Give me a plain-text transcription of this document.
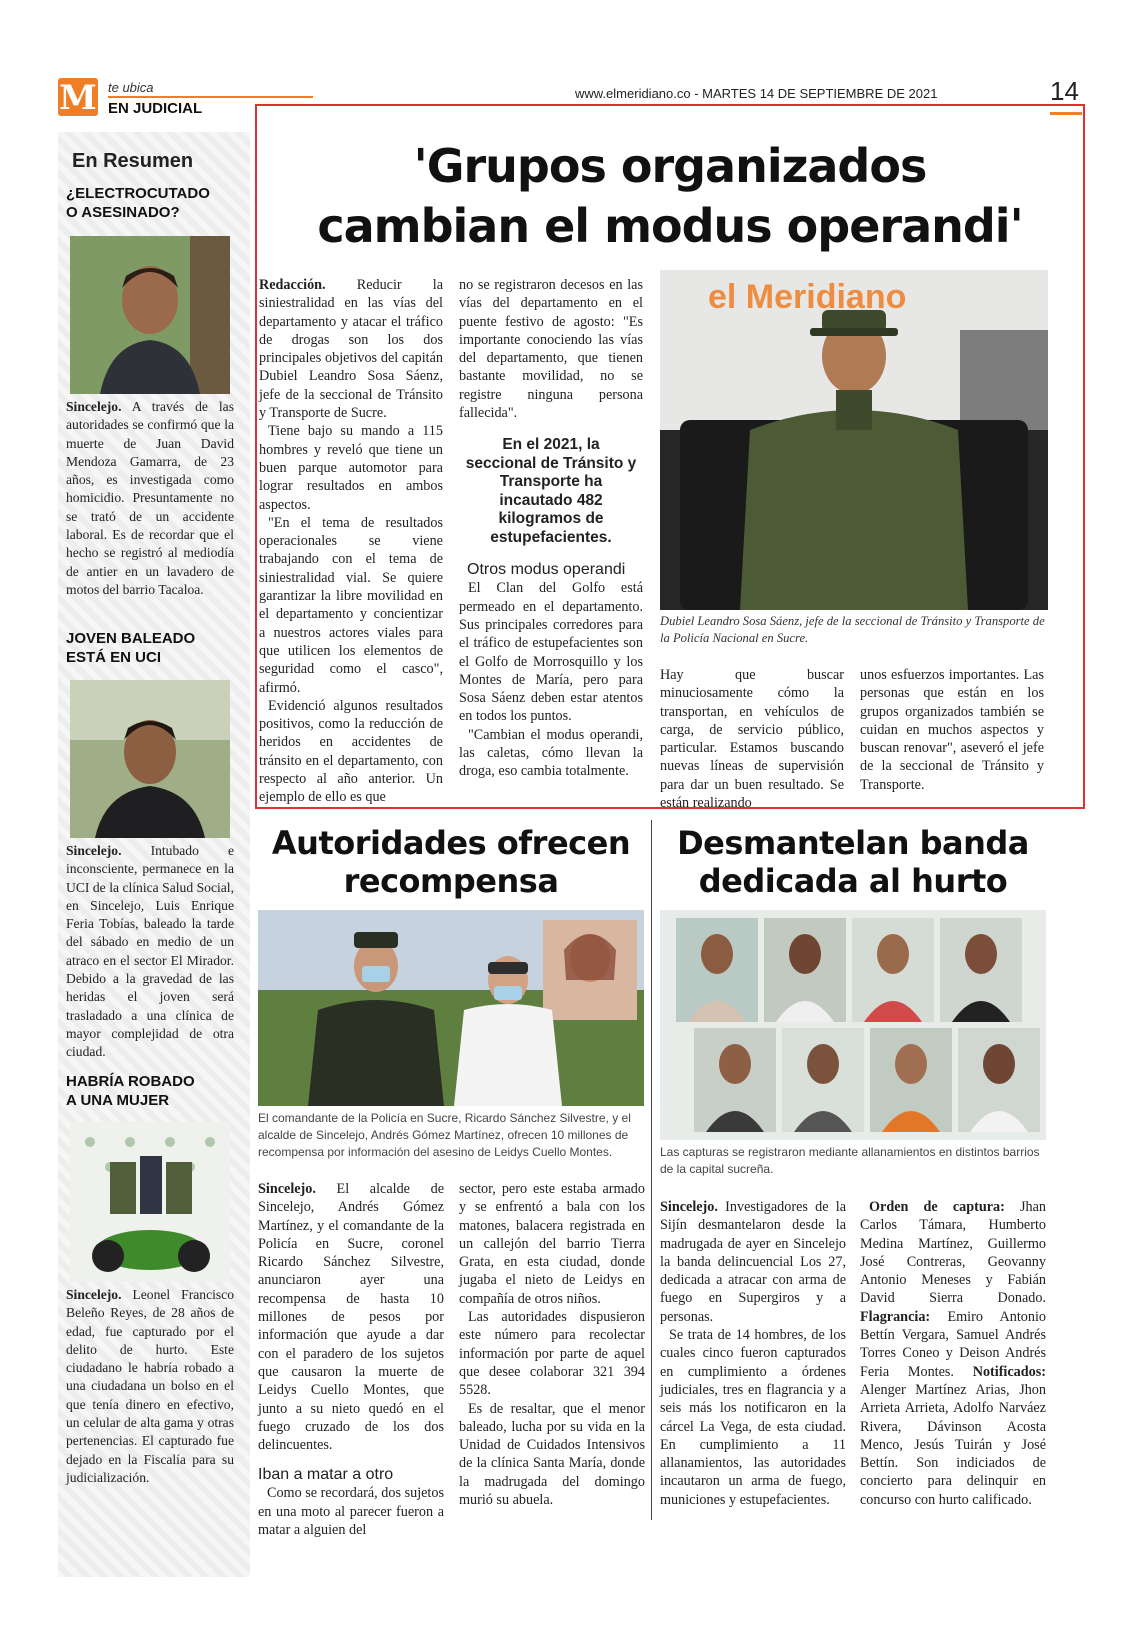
M te ubica
EN JUDICIAL
www.elmeridiano.co - MARTES 14 DE SEPTIEMBRE DE 2021	14
En Resumen
¿ELECTROCUTADO
O ASESINADO?
Sincelejo. A través de las autoridades se confirmó que la muerte de Juan David Mendoza Gamarra, de 23 años, es investigada como homicidio. Presuntamente no se trató de un accidente laboral. Es de recordar que el hecho se registró al mediodía de antier en un lavadero de motos del barrio Tacaloa.
JOVEN BALEADO
ESTÁ EN UCI
Sincelejo. Intubado e inconsciente, permanece en la UCI de la clínica Salud Social, en Sincelejo, Luis Enrique Feria Tobías, baleado la tarde del sábado en medio de un atraco en el sector El Mirador. Debido a la gravedad de las heridas el joven será trasladado a una clínica de mayor complejidad de otra ciudad.
HABRÍA ROBADO
A UNA MUJER
Sincelejo. Leonel Francisco Beleño Reyes, de 28 años de edad, fue capturado por el delito de hurto. Este ciudadano le habría robado a una ciudadana un bolso en el que tenía dinero en efectivo, un celular de alta gama y otras pertenencias. El capturado fue dejado en la Fiscalía para su judicialización.
'Grupos organizados
cambian el modus operandi'

Redacción. Reducir la siniestralidad en las vías del departamento y atacar el tráfico de drogas son los dos principales objetivos del capitán Dubiel Leandro Sosa Sáenz, jefe de la seccional de Tránsito y Transporte de Sucre.

Tiene bajo su mando a 115 hombres y reveló que tiene un buen parque automotor para lograr resultados en ambos aspectos.

"En el tema de resultados operacionales se viene trabajando con el tema de siniestralidad vial. Se quiere garantizar la libre movilidad en el departamento y concientizar a nuestros actores viales para que utilicen los elementos de seguridad como el casco", afirmó.

Evidenció algunos resultados positivos, como la reducción de heridos en accidentes de tránsito en el departamento, con respecto al año anterior. Un ejemplo de ello es que

no se registraron decesos en las vías del departamento en el puente festivo de agosto: "Es importante conociendo las vías del departamento, que tienen bastante movilidad, no se registre ninguna persona fallecida".

En el 2021, la seccional de Tránsito y Transporte ha incautado 482 kilogramos de estupefacientes.
Otros modus operandi

El Clan del Golfo está permeado en el departamento. Sus principales corredores para el tráfico de estupefacientes son el Golfo de Morrosquillo y los Montes de María, pero para Sosa Sáenz deben estar atentos en todos los puntos.

"Cambian el modus operandi, las caletas, cómo llevan la droga, eso cambia totalmente.

el Meridiano
Dubiel Leandro Sosa Sáenz, jefe de la seccional de Tránsito y Transporte de la Policía Nacional en Sucre.

Hay que buscar minuciosamente cómo la transportan, en vehículos de carga, de servicio público, particular. Estamos buscando nuevas líneas de supervisión para dar un buen resultado. Se están realizando

unos esfuerzos importantes. Las personas que están en los grupos organizados también se cuidan en muchos aspectos y buscan renovar", aseveró el jefe de la seccional de Tránsito y Transporte.

Autoridades ofrecen
recompensa
El comandante de la Policía en Sucre, Ricardo Sánchez Silvestre, y el alcalde de Sincelejo, Andrés Gómez Martínez, ofrecen 10 millones de recompensa por información del asesino de Leidys Cuello Montes.

Sincelejo. El alcalde de Sincelejo, Andrés Gómez Martínez, y el comandante de la Policía en Sucre, coronel Ricardo Sánchez Silvestre, anunciaron ayer una recompensa de hasta 10 millones de pesos por información que ayude a dar con el paradero de los sujetos que causaron la muerte de Leidys Cuello Montes, que junto a su nieto quedó en el fuego cruzado de los dos delincuentes.

Iban a matar a otro

Como se recordará, dos sujetos en una moto al parecer fueron a matar a alguien del

sector, pero este estaba armado y se enfrentó a bala con los matones, balacera registrada en un callejón del barrio Tierra Grata, en esta ciudad, donde jugaba el nieto de Leidys en compañía de otros niños.

Las autoridades dispusieron este número para recolectar información por parte de aquel que desee colaborar 321 394 5528.

Es de resaltar, que el menor baleado, lucha por su vida en la Unidad de Cuidados Intensivos de la clínica Santa María, donde la madrugada del domingo murió su abuela.

Desmantelan banda
dedicada al hurto
Las capturas se registraron mediante allanamientos en distintos barrios de la capital sucreña.

Sincelejo. Investigadores de la Sijín desmantelaron desde la madrugada de ayer en Sincelejo la banda delincuencial Los 27, dedicada a atracar con arma de fuego en Supergiros y a personas.

Se trata de 14 hombres, de los cuales cinco fueron capturados en cumplimiento a órdenes judiciales, tres en flagrancia y a seis más los notificaron en la cárcel La Vega, de esta ciudad. En cumplimiento a 11 allanamientos, las autoridades incautaron un arma de fuego, municiones y estupefacientes.

Orden de captura: Jhan Carlos Támara, Humberto Medina Martínez, Guillermo José Contreras, Geovanny Antonio Meneses y Fabián David Sierra Donado. Flagrancia: Emiro Antonio Bettín Vergara, Samuel Andrés Torres Coneo y Deison Andrés Feria Montes. Notificados: Alenger Martínez Arias, Jhon Arrieta Arrieta, Adolfo Narváez Rivera, Dávinson Acosta Menco, Jesús Tuirán y José Bettín. Son indiciados de concierto para delinquir en concurso con hurto calificado.
